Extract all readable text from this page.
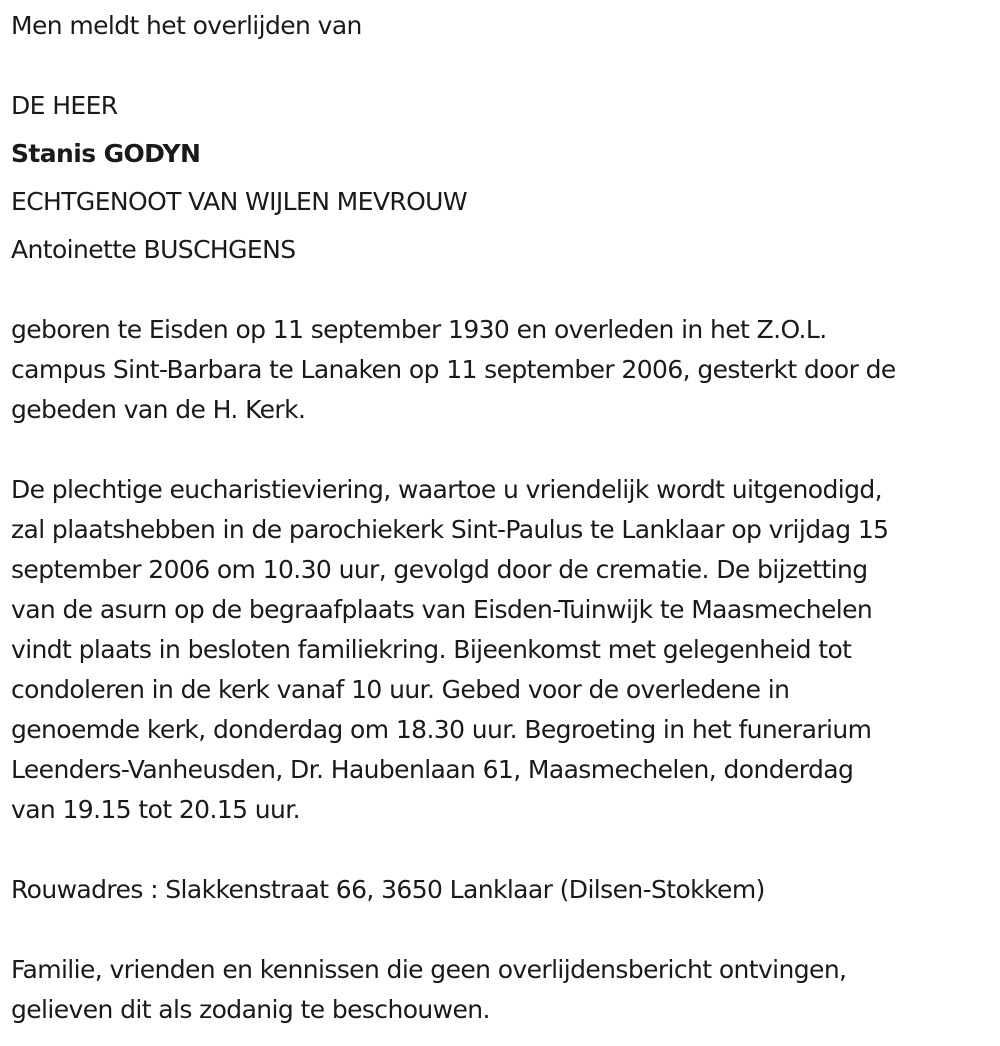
Men meldt het overlijden van
DE HEER
Stanis GODYN
ECHTGENOOT VAN WIJLEN MEVROUW
Antoinette BUSCHGENS
geboren te Eisden op 11 september 1930 en overleden in het Z.O.L.
campus Sint-Barbara te Lanaken op 11 september 2006, gesterkt door de
gebeden van de H. Kerk.
De plechtige eucharistieviering, waartoe u vriendelijk wordt uitgenodigd,
zal plaatshebben in de parochiekerk Sint-Paulus te Lanklaar op vrijdag 15
september 2006 om 10.30 uur, gevolgd door de crematie. De bijzetting
van de asurn op de begraafplaats van Eisden-Tuinwijk te Maasmechelen
vindt plaats in besloten familiekring. Bijeenkomst met gelegenheid tot
condoleren in de kerk vanaf 10 uur. Gebed voor de overledene in
genoemde kerk, donderdag om 18.30 uur. Begroeting in het funerarium
Leenders-Vanheusden, Dr. Haubenlaan 61, Maasmechelen, donderdag
van 19.15 tot 20.15 uur.
Rouwadres : Slakkenstraat 66, 3650 Lanklaar (Dilsen-Stokkem)
Familie, vrienden en kennissen die geen overlijdensbericht ontvingen,
gelieven dit als zodanig te beschouwen.
